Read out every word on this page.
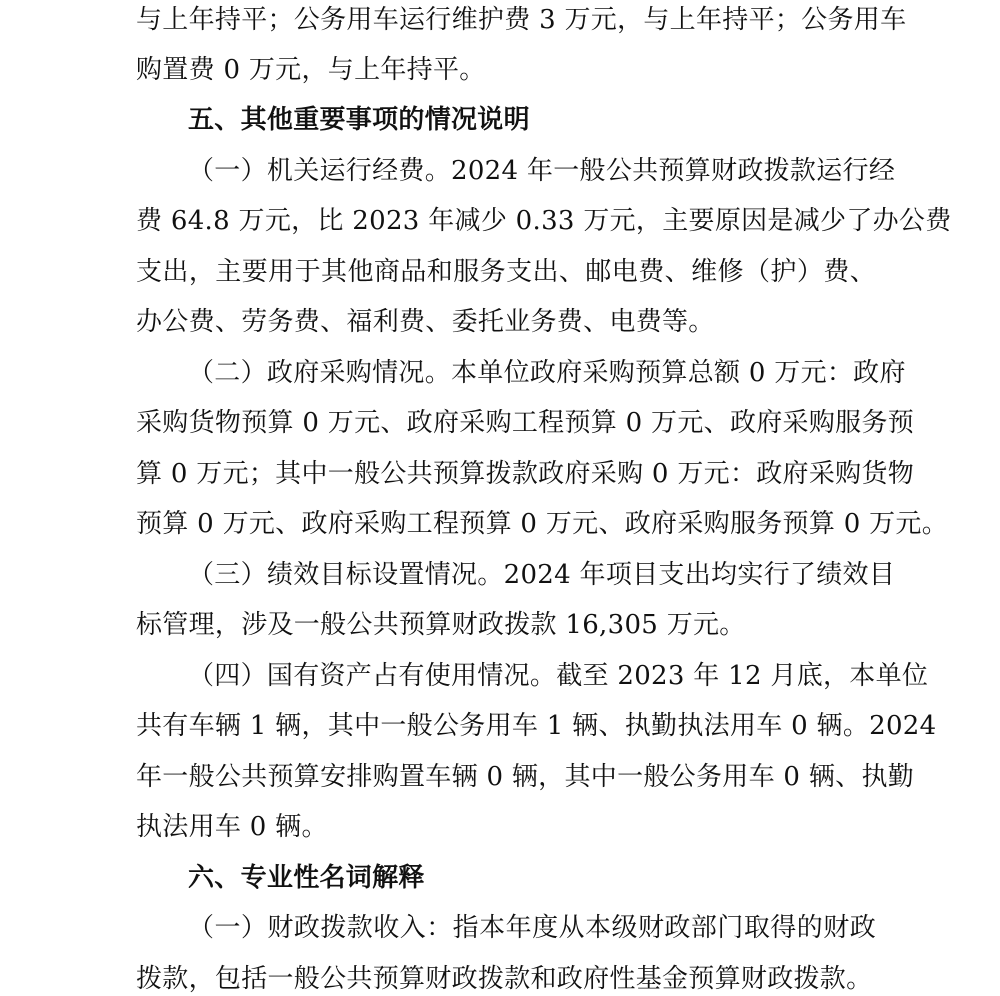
与上年持平；公务用车运行维护费 3 万元，与上年持平；公务用车
购置费 0 万元，与上年持平。
五、其他重要事项的情况说明
（一）机关运行经费。2024 年一般公共预算财政拨款运行经
费 64.8 万元，比 2023 年减少 0.33 万元，主要原因是减少了办公费
支出，主要用于其他商品和服务支出、邮电费、维修（护）费、
办公费、劳务费、福利费、委托业务费、电费等。
（二）政府采购情况。本单位政府采购预算总额 0 万元：政府
采购货物预算 0 万元、政府采购工程预算 0 万元、政府采购服务预
算 0 万元；其中一般公共预算拨款政府采购 0 万元：政府采购货物
预算 0 万元、政府采购工程预算 0 万元、政府采购服务预算 0 万元。
（三）绩效目标设置情况。2024 年项目支出均实行了绩效目
标管理，涉及一般公共预算财政拨款 16,305 万元。
（四）国有资产占有使用情况。截至 2023 年 12 月底，本单位
共有车辆 1 辆，其中一般公务用车 1 辆、执勤执法用车 0 辆。2024
年一般公共预算安排购置车辆 0 辆，其中一般公务用车 0 辆、执勤
执法用车 0 辆。
六、专业性名词解释
（一）财政拨款收入：指本年度从本级财政部门取得的财政
拨款，包括一般公共预算财政拨款和政府性基金预算财政拨款。
